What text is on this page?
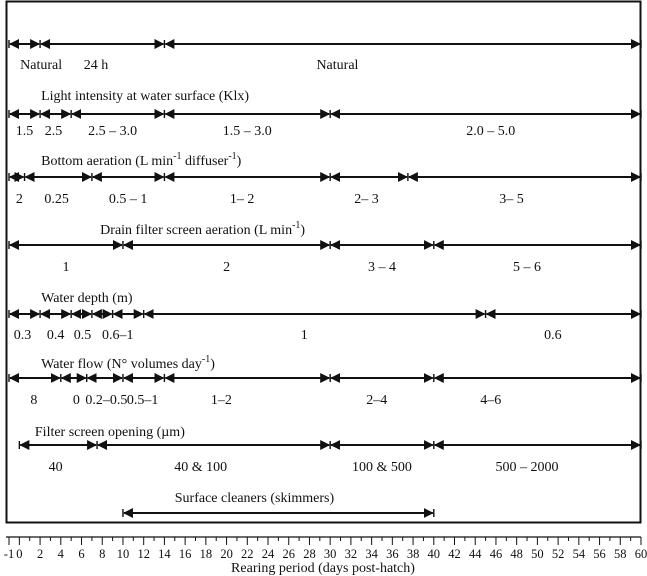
Natural 24 h	Natural
Light intensity at water surface (Klx)
1.5 2.5 2.5 – 3.0	1.5 – 3.0	2.0 – 5.0
Bottom aeration (L $\min^{-1}$ diffuser$^{-1}$)
2 0.25	0.5 – 1	1– 2	2– 3	3– 5
Drain filter screen aeration (L $\min^{-1}$)
1	2	3 – 4	5 – 6
Water depth (m)
0.3 0.4 0.5 0.6–1	1	0.6
Water flow (N° volumes day$^{-1}$)
8	0 0.2–0.5 0.5–1	1–2	2–4	4–6
Filter screen opening (µm)
40	40 & 100	100 & 500	500 – 2000
Surface cleaners (skimmers)
-1 0 2 4 6 8 10 12 14 16 18 20 22 24 26 28 30 32 34 36 38 40 42 44 46 48 50 52 54 56 58 60
Rearing period (days post-hatch)
